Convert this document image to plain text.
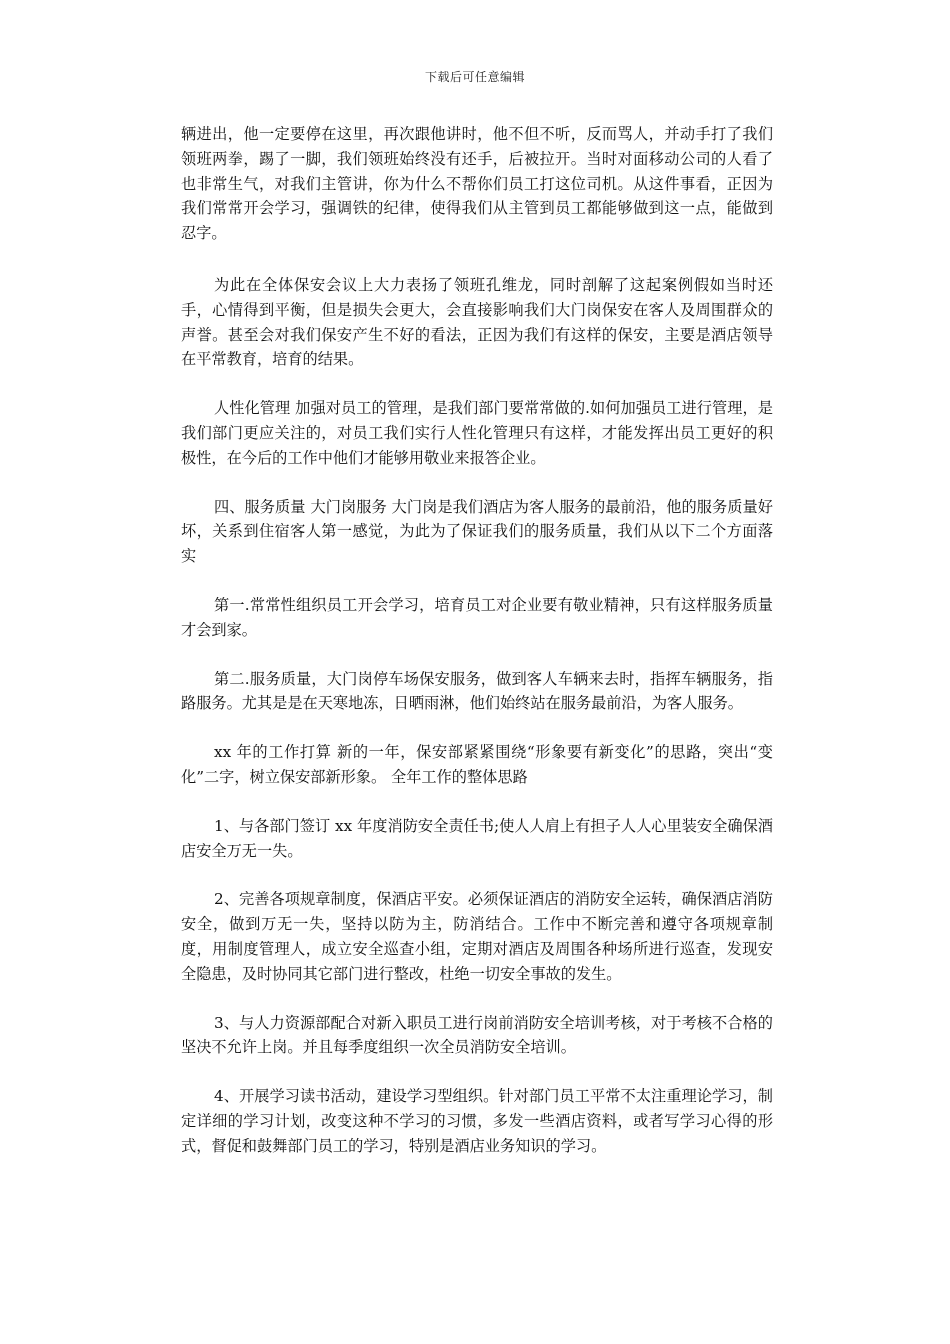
下载后可任意编辑

辆进出，他一定要停在这里，再次跟他讲时，他不但不听，反而骂人，并动手打了我们领班两拳，踢了一脚，我们领班始终没有还手，后被拉开。当时对面移动公司的人看了也非常生气，对我们主管讲，你为什么不帮你们员工打这位司机。从这件事看，正因为我们常常开会学习，强调铁的纪律，使得我们从主管到员工都能够做到这一点，能做到忍字。

为此在全体保安会议上大力表扬了领班孔维龙，同时剖解了这起案例假如当时还手，心情得到平衡，但是损失会更大，会直接影响我们大门岗保安在客人及周围群众的声誉。甚至会对我们保安产生不好的看法，正因为我们有这样的保安，主要是酒店领导在平常教育，培育的结果。

人性化管理 加强对员工的管理，是我们部门要常常做的.如何加强员工进行管理，是我们部门更应关注的，对员工我们实行人性化管理只有这样，才能发挥出员工更好的积极性，在今后的工作中他们才能够用敬业来报答企业。

四、服务质量 大门岗服务 大门岗是我们酒店为客人服务的最前沿，他的服务质量好坏，关系到住宿客人第一感觉，为此为了保证我们的服务质量，我们从以下二个方面落实

第一.常常性组织员工开会学习，培育员工对企业要有敬业精神，只有这样服务质量才会到家。

第二.服务质量，大门岗停车场保安服务，做到客人车辆来去时，指挥车辆服务，指路服务。尤其是是在天寒地冻，日晒雨淋，他们始终站在服务最前沿，为客人服务。

xx 年的工作打算 新的一年，保安部紧紧围绕“形象要有新变化”的思路，突出“变化”二字，树立保安部新形象。 全年工作的整体思路

1、与各部门签订 xx 年度消防安全责任书;使人人肩上有担子人人心里装安全确保酒店安全万无一失。

2、完善各项规章制度，保酒店平安。必须保证酒店的消防安全运转，确保酒店消防安全，做到万无一失，坚持以防为主，防消结合。工作中不断完善和遵守各项规章制度，用制度管理人，成立安全巡查小组，定期对酒店及周围各种场所进行巡查，发现安全隐患，及时协同其它部门进行整改，杜绝一切安全事故的发生。

3、与人力资源部配合对新入职员工进行岗前消防安全培训考核，对于考核不合格的坚决不允许上岗。并且每季度组织一次全员消防安全培训。

4、开展学习读书活动，建设学习型组织。针对部门员工平常不太注重理论学习，制定详细的学习计划，改变这种不学习的习惯，多发一些酒店资料，或者写学习心得的形式，督促和鼓舞部门员工的学习，特别是酒店业务知识的学习。
